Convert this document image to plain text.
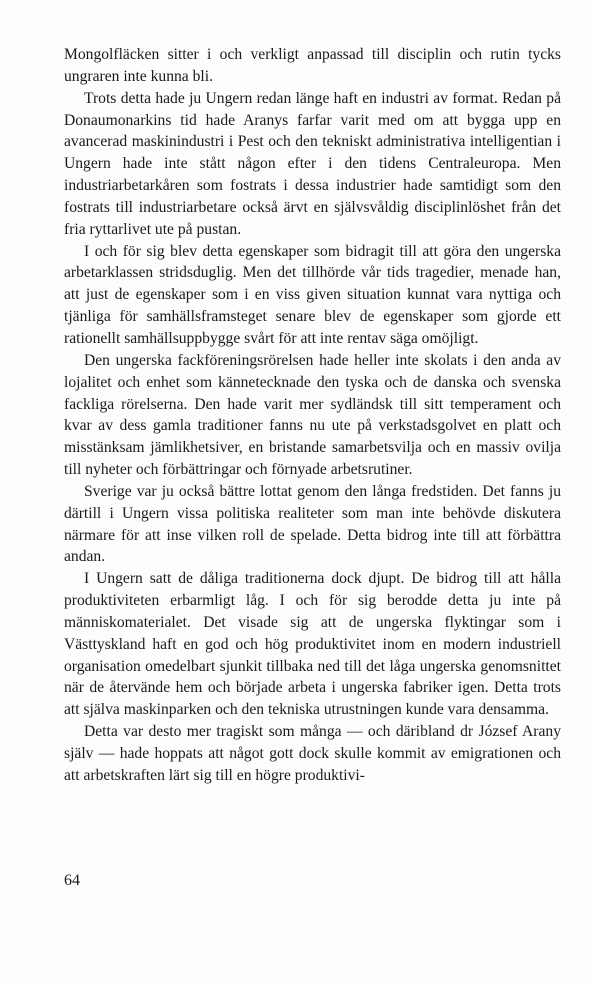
Mongolfläcken sitter i och verkligt anpassad till disciplin och rutin tycks ungraren inte kunna bli.

Trots detta hade ju Ungern redan länge haft en industri av format. Redan på Donaumonarkins tid hade Aranys farfar varit med om att bygga upp en avancerad maskinindustri i Pest och den tekniskt administrativa intelligentian i Ungern hade inte stått någon efter i den tidens Centraleuropa. Men industriarbetarkåren som fostrats i dessa industrier hade samtidigt som den fostrats till industriarbetare också ärvt en självsvåldig disciplinlöshet från det fria ryttarlivet ute på pustan.

I och för sig blev detta egenskaper som bidragit till att göra den ungerska arbetarklassen stridsduglig. Men det tillhörde vår tids tragedier, menade han, att just de egenskaper som i en viss given situation kunnat vara nyttiga och tjänliga för samhällsframsteget senare blev de egenskaper som gjorde ett rationellt samhällsuppbygge svårt för att inte rentav säga omöjligt.

Den ungerska fackföreningsrörelsen hade heller inte skolats i den anda av lojalitet och enhet som kännetecknade den tyska och de danska och svenska fackliga rörelserna. Den hade varit mer sydländsk till sitt temperament och kvar av dess gamla traditioner fanns nu ute på verkstadsgolvet en platt och misstänksam jämlikhetsiver, en bristande samarbetsvilja och en massiv ovilja till nyheter och förbättringar och förnyade arbetsrutiner.

Sverige var ju också bättre lottat genom den långa fredstiden. Det fanns ju därtill i Ungern vissa politiska realiteter som man inte behövde diskutera närmare för att inse vilken roll de spelade. Detta bidrog inte till att förbättra andan.

I Ungern satt de dåliga traditionerna dock djupt. De bidrog till att hålla produktiviteten erbarmligt låg. I och för sig berodde detta ju inte på människomaterialet. Det visade sig att de ungerska flyktingar som i Västtyskland haft en god och hög produktivitet inom en modern industriell organisation omedelbart sjunkit tillbaka ned till det låga ungerska genomsnittet när de återvände hem och började arbeta i ungerska fabriker igen. Detta trots att själva maskinparken och den tekniska utrustningen kunde vara densamma.

Detta var desto mer tragiskt som många — och däribland dr József Arany själv — hade hoppats att något gott dock skulle kommit av emigrationen och att arbetskraften lärt sig till en högre produktivi-

64
